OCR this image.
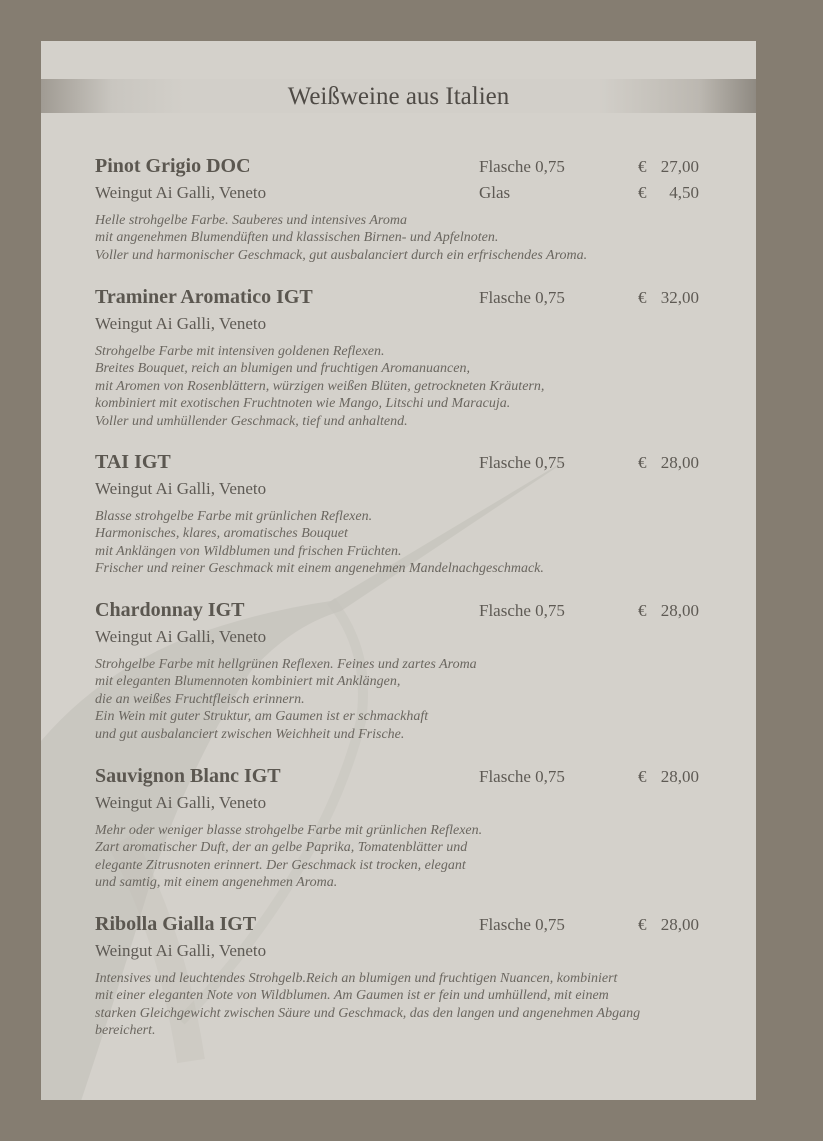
Weißweine aus Italien
Pinot Grigio DOC	Flasche 0,75	€ 27,00
Weingut Ai Galli, Veneto	Glas	€ 4,50
Helle strohgelbe Farbe. Sauberes und intensives Aroma
mit angenehmen Blumendüften und klassischen Birnen- und Apfelnoten.
Voller und harmonischer Geschmack, gut ausbalanciert durch ein erfrischendes Aroma.
Traminer Aromatico IGT	Flasche 0,75	€ 32,00
Weingut Ai Galli, Veneto
Strohgelbe Farbe mit intensiven goldenen Reflexen.
Breites Bouquet, reich an blumigen und fruchtigen Aromanuancen,
mit Aromen von Rosenblättern, würzigen weißen Blüten, getrockneten Kräutern,
kombiniert mit exotischen Fruchtnoten wie Mango, Litschi und Maracuja.
Voller und umhüllender Geschmack, tief und anhaltend.
TAI IGT	Flasche 0,75	€ 28,00
Weingut Ai Galli, Veneto
Blasse strohgelbe Farbe mit grünlichen Reflexen.
Harmonisches, klares, aromatisches Bouquet
mit Anklängen von Wildblumen und frischen Früchten.
Frischer und reiner Geschmack mit einem angenehmen Mandelnachgeschmack.
Chardonnay IGT	Flasche 0,75	€ 28,00
Weingut Ai Galli, Veneto
Strohgelbe Farbe mit hellgrünen Reflexen. Feines und zartes Aroma
mit eleganten Blumennoten kombiniert mit Anklängen,
die an weißes Fruchtfleisch erinnern.
Ein Wein mit guter Struktur, am Gaumen ist er schmackhaft
und gut ausbalanciert zwischen Weichheit und Frische.
Sauvignon Blanc IGT	Flasche 0,75	€ 28,00
Weingut Ai Galli, Veneto
Mehr oder weniger blasse strohgelbe Farbe mit grünlichen Reflexen.
Zart aromatischer Duft, der an gelbe Paprika, Tomatenblätter und
elegante Zitrusnoten erinnert. Der Geschmack ist trocken, elegant
und samtig, mit einem angenehmen Aroma.
Ribolla Gialla IGT	Flasche 0,75	€ 28,00
Weingut Ai Galli, Veneto
Intensives und leuchtendes Strohgelb.Reich an blumigen und fruchtigen Nuancen, kombiniert
mit einer eleganten Note von Wildblumen. Am Gaumen ist er fein und umhüllend, mit einem
starken Gleichgewicht zwischen Säure und Geschmack, das den langen und angenehmen Abgang
bereichert.
